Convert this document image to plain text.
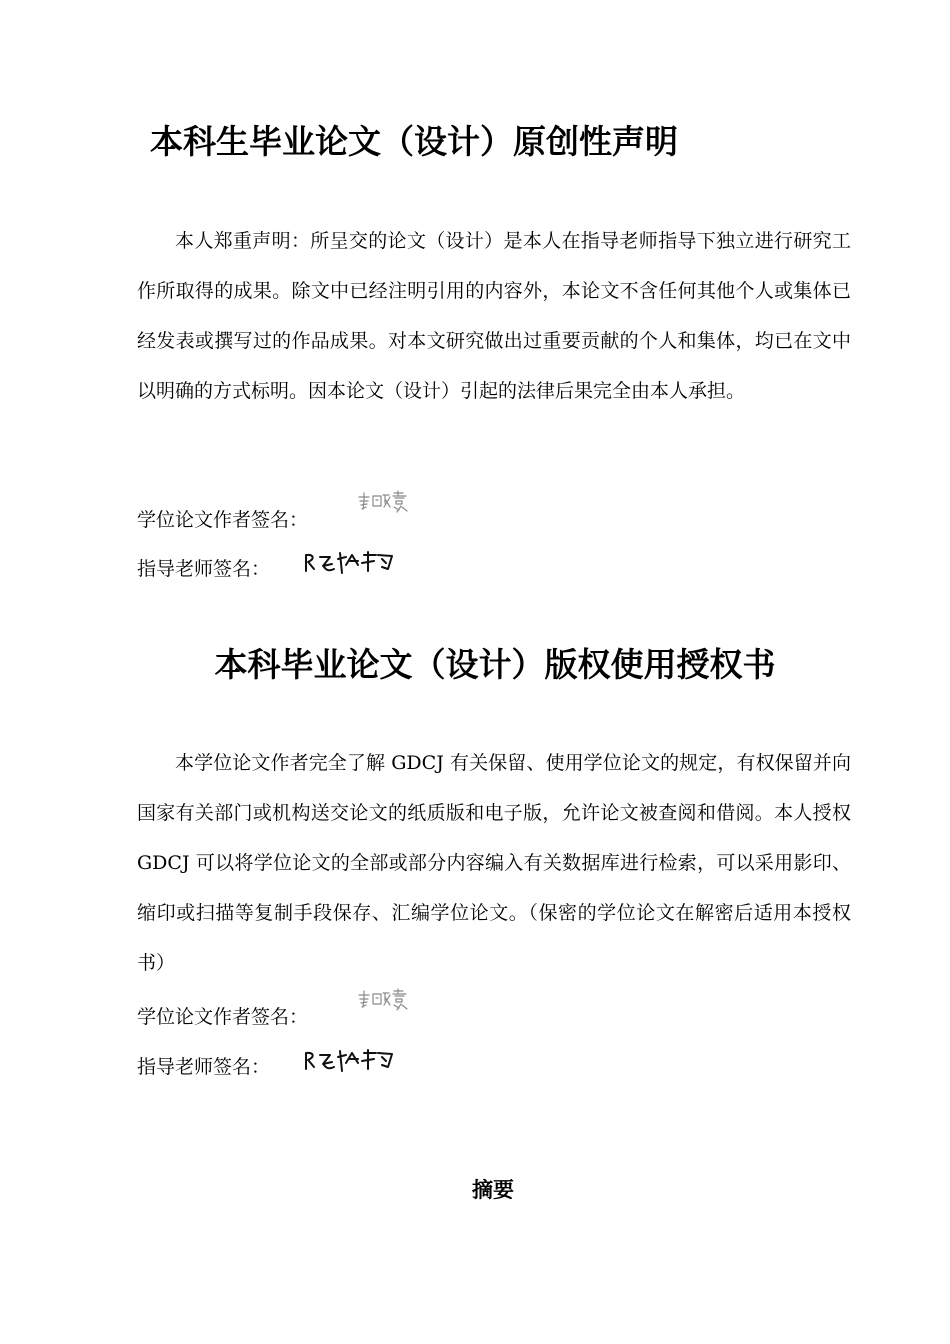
本科生毕业论文（设计）原创性声明

本人郑重声明：所呈交的论文（设计）是本人在指导老师指导下独立进行研究工作所取得的成果。除文中已经注明引用的内容外，本论文不含任何其他个人或集体已经发表或撰写过的作品成果。对本文研究做出过重要贡献的个人和集体，均已在文中以明确的方式标明。因本论文（设计）引起的法律后果完全由本人承担。

学位论文作者签名：
指导老师签名：
本科毕业论文（设计）版权使用授权书

本学位论文作者完全了解 GDCJ 有关保留、使用学位论文的规定，有权保留并向国家有关部门或机构送交论文的纸质版和电子版，允许论文被查阅和借阅。本人授权 GDCJ 可以将学位论文的全部或部分内容编入有关数据库进行检索，可以采用影印、缩印或扫描等复制手段保存、汇编学位论文。（保密的学位论文在解密后适用本授权书）

学位论文作者签名：
指导老师签名：
摘要
